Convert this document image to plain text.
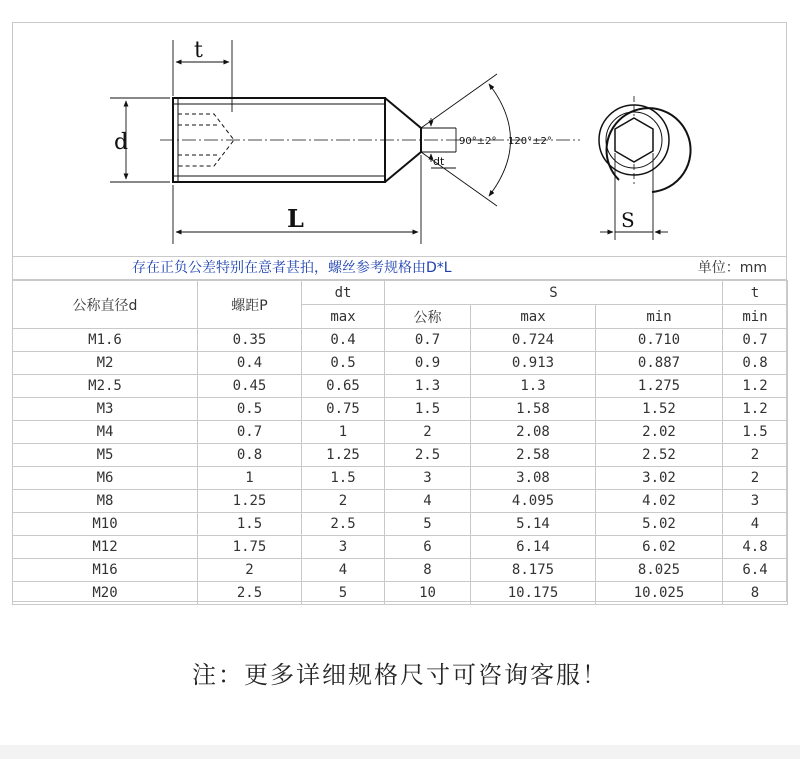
t
d
L
dt
90°±2° 120°±2°
S
存在正负公差特别在意者甚拍，螺丝参考规格由D*L	单位：mm
公称直径d	螺距P	dt	S			t
		max	公称	max	min	min
M1.6	0.35	0.4	0.7	0.724	0.710	0.7
M2	0.4	0.5	0.9	0.913	0.887	0.8
M2.5	0.45	0.65	1.3	1.3	1.275	1.2
M3	0.5	0.75	1.5	1.58	1.52	1.2
M4	0.7	1	2	2.08	2.02	1.5
M5	0.8	1.25	2.5	2.58	2.52	2
M6	1	1.5	3	3.08	3.02	2
M8	1.25	2	4	4.095	4.02	3
M10	1.5	2.5	5	5.14	5.02	4
M12	1.75	3	6	6.14	6.02	4.8
M16	2	4	8	8.175	8.025	6.4
M20	2.5	5	10	10.175	10.025	8
注：更多详细规格尺寸可咨询客服！
